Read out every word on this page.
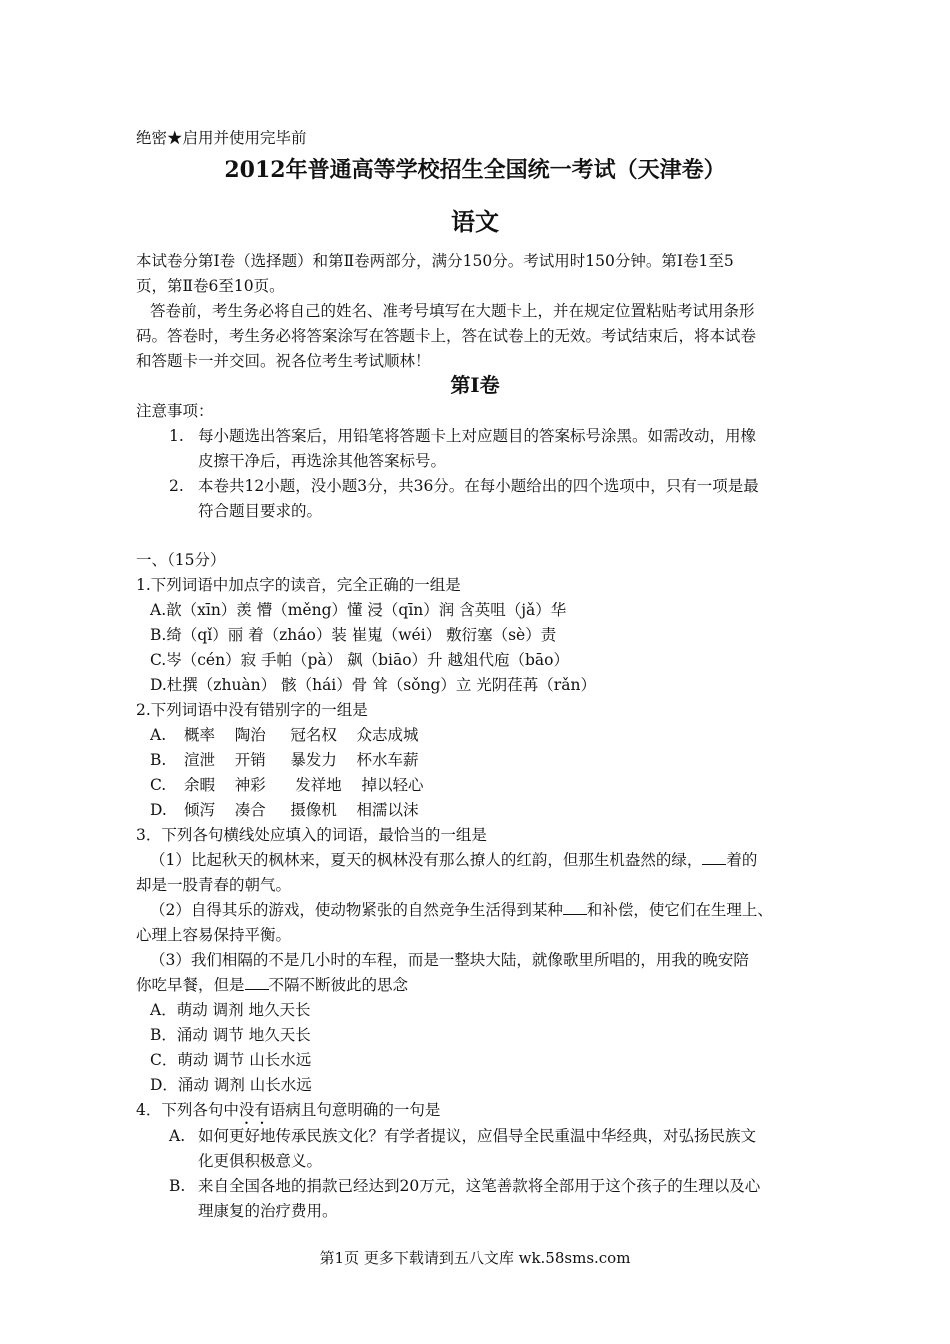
绝密★启用并使用完毕前
2012年普通高等学校招生全国统一考试（天津卷）
语文
本试卷分第Ⅰ卷（选择题）和第Ⅱ卷两部分，满分150分。考试用时150分钟。第Ⅰ卷1至5
页，第Ⅱ卷6至10页。
答卷前，考生务必将自己的姓名、准考号填写在大题卡上，并在规定位置粘贴考试用条形
码。答卷时，考生务必将答案涂写在答题卡上，答在试卷上的无效。考试结束后，将本试卷
和答题卡一并交回。祝各位考生考试顺林！
第Ⅰ卷
注意事项：
1. 每小题选出答案后，用铅笔将答题卡上对应题目的答案标号涂黑。如需改动，用橡
皮擦干净后，再选涂其他答案标号。
2. 本卷共12小题，没小题3分，共36分。在每小题给出的四个选项中，只有一项是最
符合题目要求的。
一、（15分）
1.下列词语中加点字的读音，完全正确的一组是
A.歆（xīn）羡 懵（měng）懂 浸（qīn）润 含英咀（jǎ）华
B.绮（qǐ）丽 着（zháo）装 崔嵬（wéi） 敷衍塞（sè）责
C.岑（cén）寂 手帕（pà） 飙（biāo）升 越俎代庖（bāo）
D.杜撰（zhuàn） 骸（hái）骨 耸（sǒng）立 光阴荏苒（rǎn）
2.下列词语中没有错别字的一组是
A. 概率    陶治     冠名权    众志成城
B. 渲泄    开销     暴发力    杯水车薪
C. 余暇    神彩      发祥地    掉以轻心
D. 倾泻    凑合     摄像机    相濡以沫
3．下列各句横线处应填入的词语，最恰当的一组是
（1）比起秋天的枫林来，夏天的枫林没有那么撩人的红韵，但那生机盎然的绿， 着的
却是一股青春的朝气。
（2）自得其乐的游戏，使动物紧张的自然竞争生活得到某种 和补偿，使它们在生理上、
心理上容易保持平衡。
（3）我们相隔的不是几小时的车程，而是一整块大陆，就像歌里所唱的，用我的晚安陪
你吃早餐，但是 不隔不断彼此的思念
A．萌动 调剂 地久天长
B．涌动 调节 地久天长
C．萌动 调节 山长水远
D．涌动 调剂 山长水远
4．下列各句中没有语病且句意明确的一句是
A. 如何更好地传承民族文化？有学者提议，应倡导全民重温中华经典，对弘扬民族文
化更俱积极意义。
B. 来自全国各地的捐款已经达到20万元，这笔善款将全部用于这个孩子的生理以及心
理康复的治疗费用。
第1页 更多下载请到五八文库 wk.58sms.com
